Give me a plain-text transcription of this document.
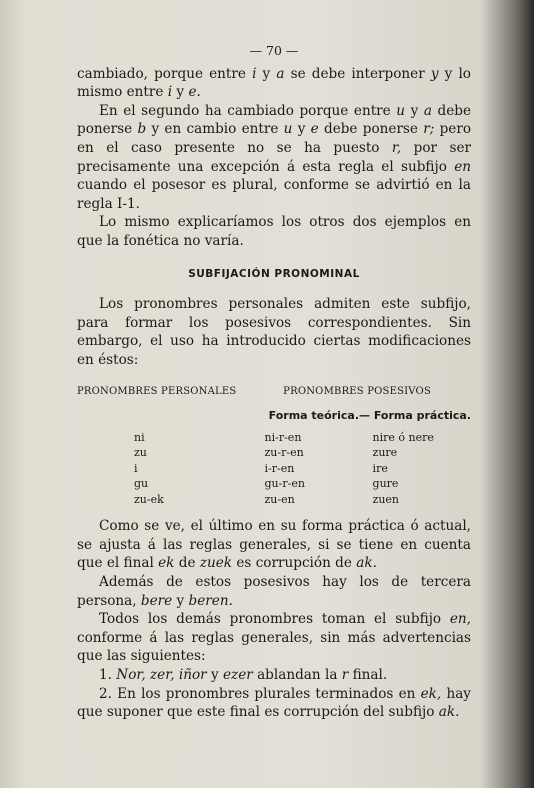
— 70 —

cambiado, porque entre i y a se debe interponer y y lo mismo entre i y e.

En el segundo ha cambiado porque entre u y a debe ponerse b y en cambio entre u y e debe ponerse r; pero en el caso presente no se ha puesto r, por ser precisamente una excepción á esta regla el subfijo en cuando el posesor es plural, conforme se advirtió en la regla I-1.

Lo mismo explicaríamos los otros dos ejemplos en que la fonética no varía.

SUBFIJACIÓN PRONOMINAL

Los pronombres personales admiten este subfijo, para formar los posesivos correspondientes. Sin embargo, el uso ha introducido ciertas modificaciones en éstos:

PRONOMBRES PERSONALES	PRONOMBRES POSESIVOS
Forma teórica.— Forma práctica.
ni	ni-r-en	nire ó nere
zu	zu-r-en	zure
i	i-r-en	ire
gu	gu-r-en	gure
zu-ek	zu-en	zuen

Como se ve, el último en su forma práctica ó actual, se ajusta á las reglas generales, si se tiene en cuenta que el final ek de zuek es corrupción de ak.

Además de estos posesivos hay los de tercera persona, bere y beren.

Todos los demás pronombres toman el subfijo en, conforme á las reglas generales, sin más advertencias que las siguientes:

1. Nor, zer, iñor y ezer ablandan la r final.

2. En los pronombres plurales terminados en ek, hay que suponer que este final es corrupción del subfijo ak.
